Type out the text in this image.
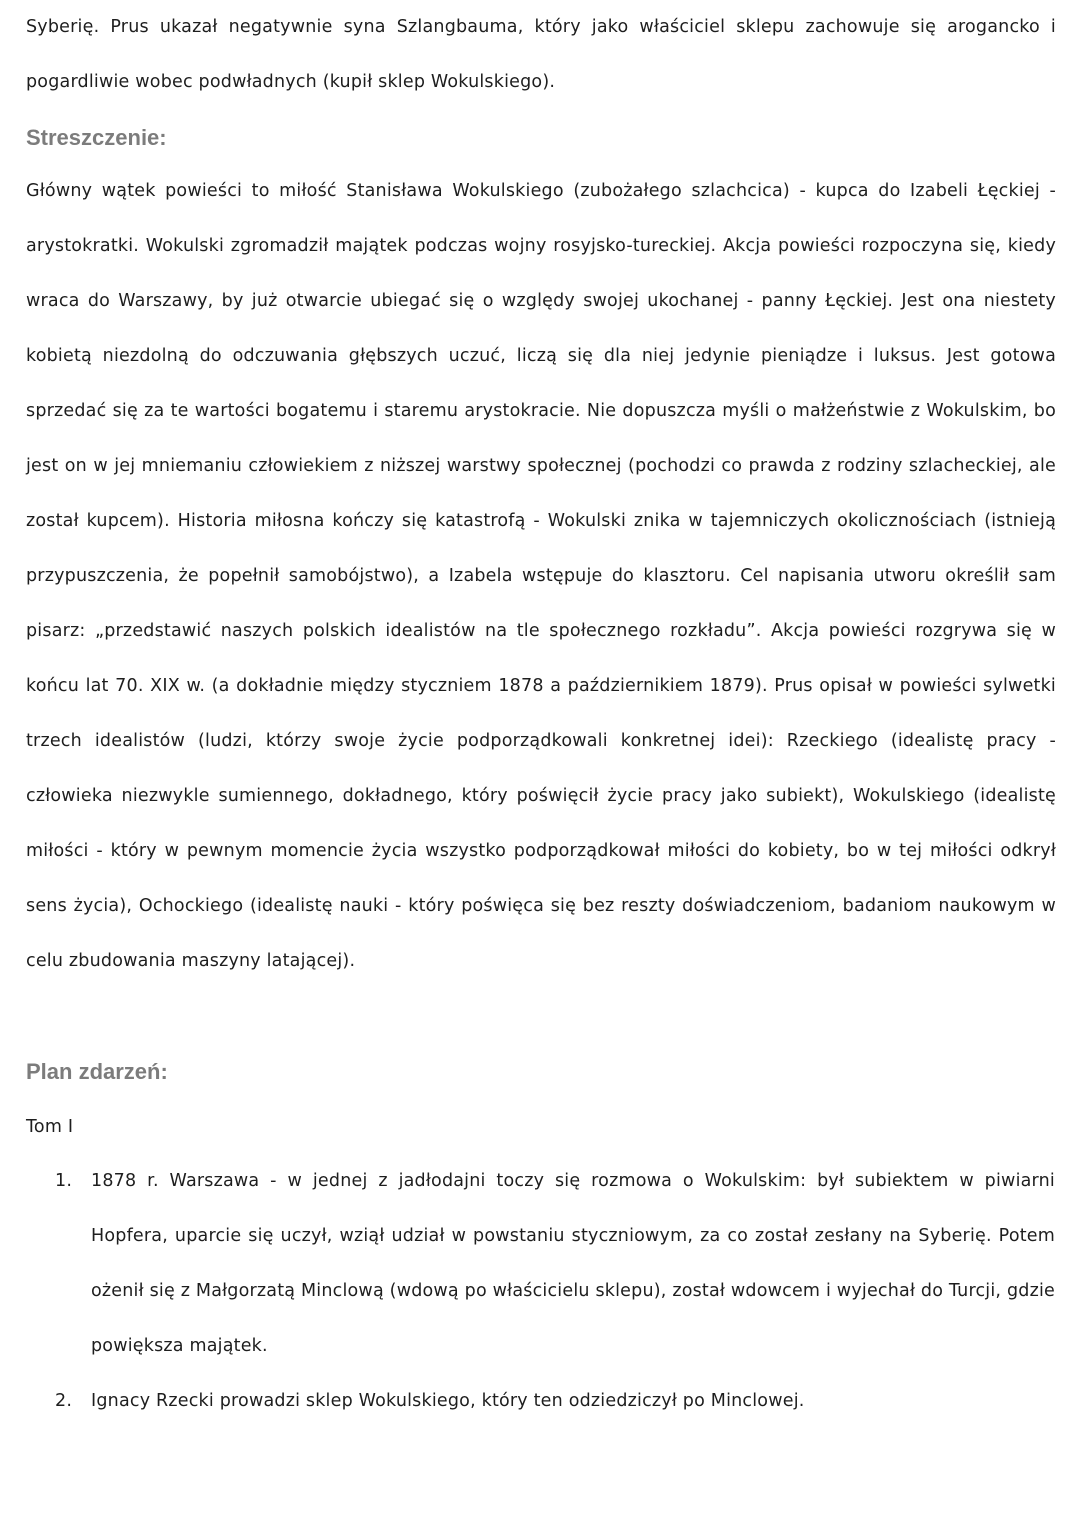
Syberię. Prus ukazał negatywnie syna Szlangbauma, który jako właściciel sklepu zachowuje się arogancko i pogardliwie wobec podwładnych (kupił sklep Wokulskiego).
Streszczenie:
Główny wątek powieści to miłość Stanisława Wokulskiego (zubożałego szlachcica) - kupca do Izabeli Łęckiej - arystokratki. Wokulski zgromadził majątek podczas wojny rosyjsko-tureckiej. Akcja powieści rozpoczyna się, kiedy wraca do Warszawy, by już otwarcie ubiegać się o względy swojej ukochanej - panny Łęckiej. Jest ona niestety kobietą niezdolną do odczuwania głębszych uczuć, liczą się dla niej jedynie pieniądze i luksus. Jest gotowa sprzedać się za te wartości bogatemu i staremu arystokracie. Nie dopuszcza myśli o małżeństwie z Wokulskim, bo jest on w jej mniemaniu człowiekiem z niższej warstwy społecznej (pochodzi co prawda z rodziny szlacheckiej, ale został kupcem). Historia miłosna kończy się katastrofą - Wokulski znika w tajemniczych okolicznościach (istnieją przypuszczenia, że popełnił samobójstwo), a Izabela wstępuje do klasztoru. Cel napisania utworu określił sam pisarz: „przedstawić naszych polskich idealistów na tle społecznego rozkładu”. Akcja powieści rozgrywa się w końcu lat 70. XIX w. (a dokładnie między styczniem 1878 a październikiem 1879). Prus opisał w powieści sylwetki trzech idealistów (ludzi, którzy swoje życie podporządkowali konkretnej idei): Rzeckiego (idealistę pracy - człowieka niezwykle sumiennego, dokładnego, który poświęcił życie pracy jako subiekt), Wokulskiego (idealistę miłości - który w pewnym momencie życia wszystko podporządkował miłości do kobiety, bo w tej miłości odkrył sens życia), Ochockiego (idealistę nauki - który poświęca się bez reszty doświadczeniom, badaniom naukowym w celu zbudowania maszyny latającej).
Plan zdarzeń:
Tom I
1.	1878 r. Warszawa - w jednej z jadłodajni toczy się rozmowa o Wokulskim: był subiektem w piwiarni Hopfera, uparcie się uczył, wziął udział w powstaniu styczniowym, za co został zesłany na Syberię. Potem ożenił się z Małgorzatą Minclową (wdową po właścicielu sklepu), został wdowcem i wyjechał do Turcji, gdzie powiększa majątek.
2.	Ignacy Rzecki prowadzi sklep Wokulskiego, który ten odziedziczył po Minclowej.
